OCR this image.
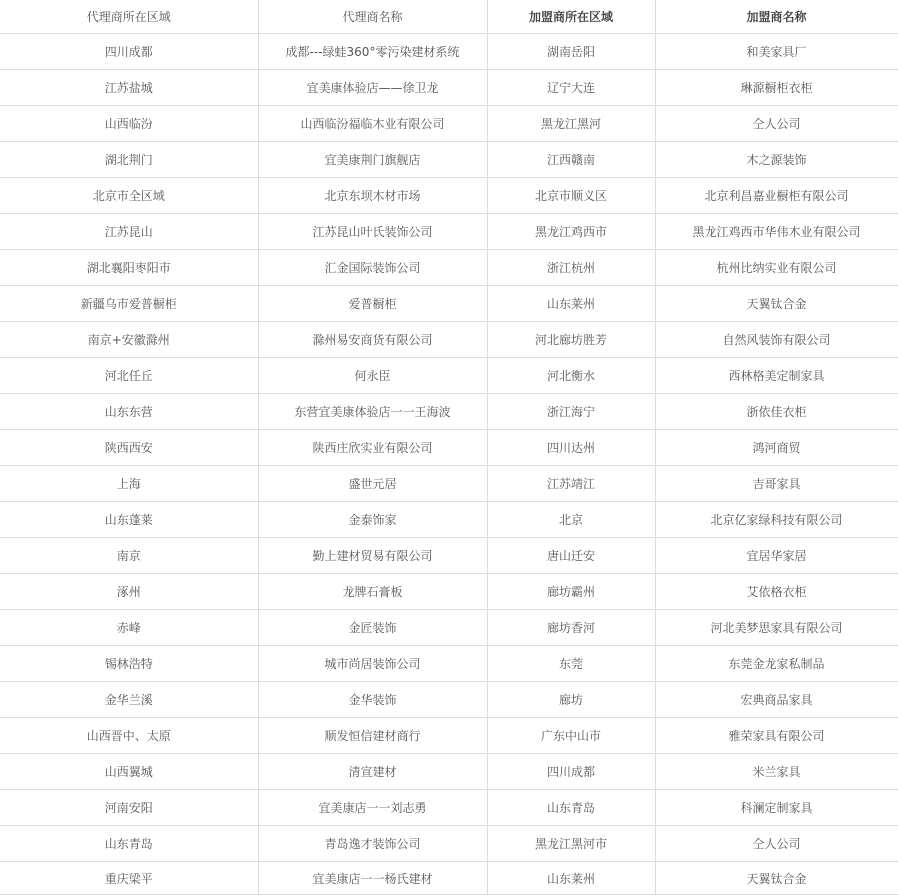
代理商所在区域	代理商名称	加盟商所在区域	加盟商名称
四川成都	成都---绿蛙360°零污染建材系统	湖南岳阳	和美家具厂
江苏盐城	宜美康体验店——徐卫龙	辽宁大连	琳源橱柜衣柜
山西临汾	山西临汾福临木业有限公司	黑龙江黑河	仝人公司
湖北荆门	宜美康荆门旗舰店	江西赣南	木之源装饰
北京市全区域	北京东坝木材市场	北京市顺义区	北京利昌嘉业橱柜有限公司
江苏昆山	江苏昆山叶氏装饰公司	黑龙江鸡西市	黑龙江鸡西市华伟木业有限公司
湖北襄阳枣阳市	汇金国际装饰公司	浙江杭州	杭州比纳实业有限公司
新疆乌市爱普橱柜	爱普橱柜	山东莱州	天翼钛合金
南京+安徽滁州	滁州易安商货有限公司	河北廊坊胜芳	自然风装饰有限公司
河北任丘	何永臣	河北衡水	西林格美定制家具
山东东营	东营宜美康体验店一一王海波	浙江海宁	浙依佳衣柜
陕西西安	陕西庄欣实业有限公司	四川达州	鸿河商贸
上海	盛世元居	江苏靖江	吉哥家具
山东蓬莱	金泰饰家	北京	北京亿家绿科技有限公司
南京	勤上建材贸易有限公司	唐山迁安	宜居华家居
涿州	龙牌石膏板	廊坊霸州	艾依格衣柜
赤峰	金匠装饰	廊坊香河	河北美梦思家具有限公司
锡林浩特	城市尚居装饰公司	东莞	东莞金龙家私制品
金华兰溪	金华装饰	廊坊	宏典商品家具
山西晋中、太原	顺发恒信建材商行	广东中山市	雅荣家具有限公司
山西翼城	清宣建材	四川成都	米兰家具
河南安阳	宜美康店一一刘志勇	山东青岛	科澜定制家具
山东青岛	青岛逸才装饰公司	黑龙江黑河市	仝人公司
重庆梁平	宜美康店一一杨氏建材	山东莱州	天翼钛合金
